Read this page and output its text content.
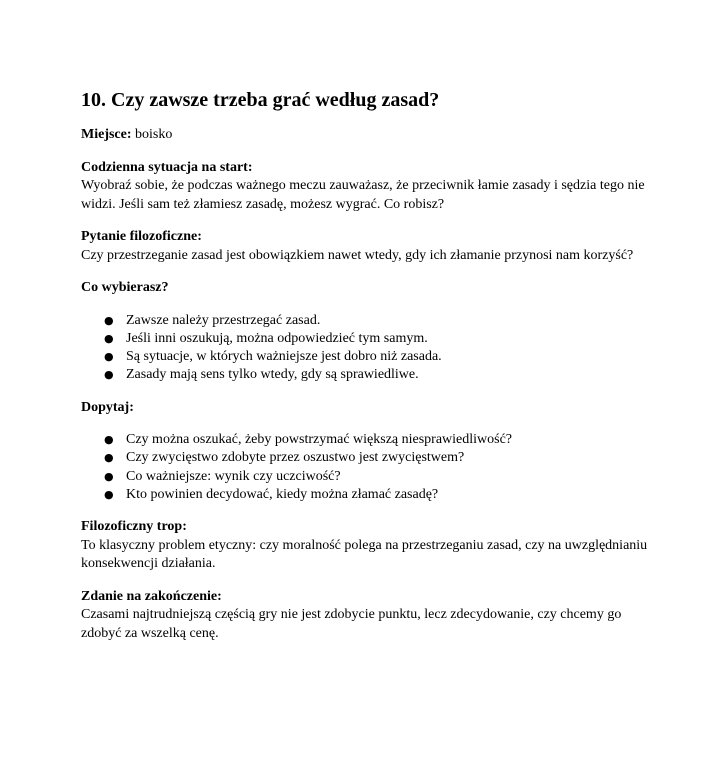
10. Czy zawsze trzeba grać według zasad?

Miejsce: boisko

Codzienna sytuacja na start:
Wyobraź sobie, że podczas ważnego meczu zauważasz, że przeciwnik łamie zasady i sędzia tego nie widzi. Jeśli sam też złamiesz zasadę, możesz wygrać. Co robisz?

Pytanie filozoficzne:
Czy przestrzeganie zasad jest obowiązkiem nawet wtedy, gdy ich złamanie przynosi nam korzyść?

Co wybierasz?

● Zawsze należy przestrzegać zasad.
● Jeśli inni oszukują, można odpowiedzieć tym samym.
● Są sytuacje, w których ważniejsze jest dobro niż zasada.
● Zasady mają sens tylko wtedy, gdy są sprawiedliwe.

Dopytaj:

● Czy można oszukać, żeby powstrzymać większą niesprawiedliwość?
● Czy zwycięstwo zdobyte przez oszustwo jest zwycięstwem?
● Co ważniejsze: wynik czy uczciwość?
● Kto powinien decydować, kiedy można złamać zasadę?

Filozoficzny trop:
To klasyczny problem etyczny: czy moralność polega na przestrzeganiu zasad, czy na uwzględnianiu konsekwencji działania.

Zdanie na zakończenie:
Czasami najtrudniejszą częścią gry nie jest zdobycie punktu, lecz zdecydowanie, czy chcemy go zdobyć za wszelką cenę.
